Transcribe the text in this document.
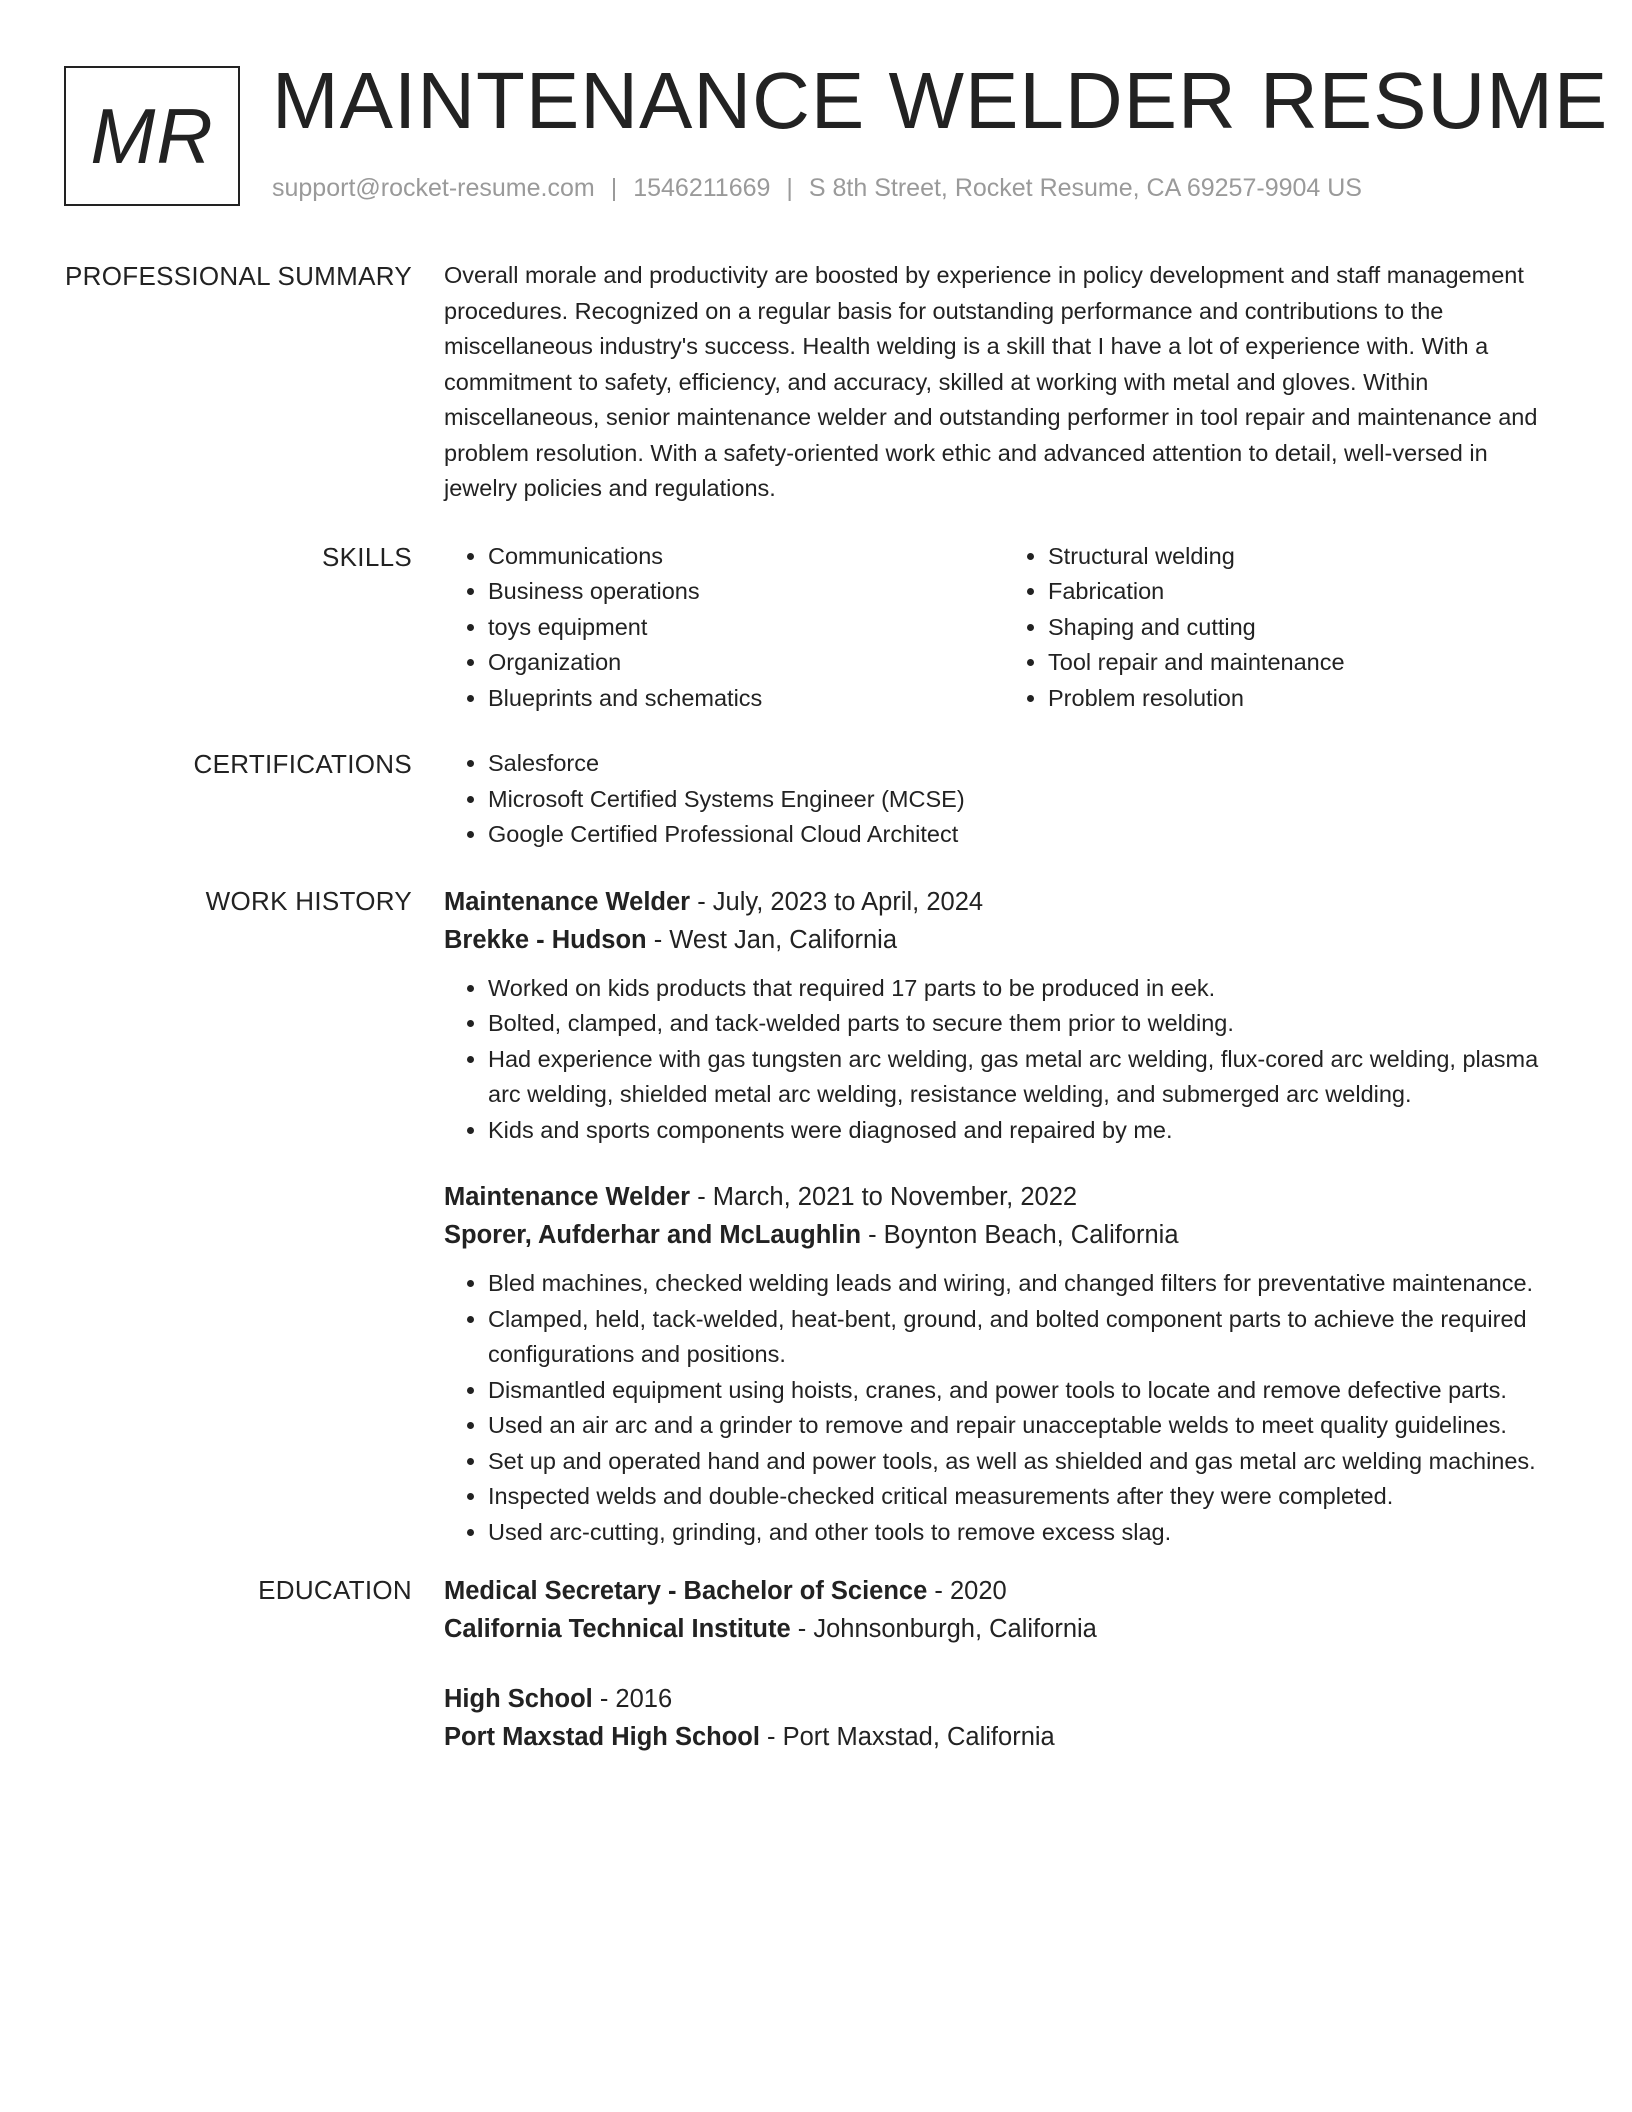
MR MAINTENANCE WELDER RESUME
support@rocket-resume.com | 1546211669 | S 8th Street, Rocket Resume, CA 69257-9904 US
PROFESSIONAL SUMMARY Overall morale and productivity are boosted by experience in policy development and staff management procedures. Recognized on a regular basis for outstanding performance and contributions to the miscellaneous industry's success. Health welding is a skill that I have a lot of experience with. With a commitment to safety, efficiency, and accuracy, skilled at working with metal and gloves. Within miscellaneous, senior maintenance welder and outstanding performer in tool repair and maintenance and problem resolution. With a safety-oriented work ethic and advanced attention to detail, well-versed in jewelry policies and regulations.

SKILLS	• Communications
• Business operations
• toys equipment
• Organization
• Blueprints and schematics
• Structural welding
• Fabrication
• Shaping and cutting
• Tool repair and maintenance
• Problem resolution
CERTIFICATIONS	• Salesforce
• Microsoft Certified Systems Engineer (MCSE)
• Google Certified Professional Cloud Architect
WORK HISTORY Maintenance Welder - July, 2023 to April, 2024
Brekke - Hudson - West Jan, California
• Worked on kids products that required 17 parts to be produced in eek.
• Bolted, clamped, and tack-welded parts to secure them prior to welding.
• Had experience with gas tungsten arc welding, gas metal arc welding, flux-cored arc welding, plasma arc welding, shielded metal arc welding, resistance welding, and submerged arc welding.
• Kids and sports components were diagnosed and repaired by me.
Maintenance Welder - March, 2021 to November, 2022
Sporer, Aufderhar and McLaughlin - Boynton Beach, California
• Bled machines, checked welding leads and wiring, and changed filters for preventative maintenance.
• Clamped, held, tack-welded, heat-bent, ground, and bolted component parts to achieve the required configurations and positions.
• Dismantled equipment using hoists, cranes, and power tools to locate and remove defective parts.
• Used an air arc and a grinder to remove and repair unacceptable welds to meet quality guidelines.
• Set up and operated hand and power tools, as well as shielded and gas metal arc welding machines.
• Inspected welds and double-checked critical measurements after they were completed.
• Used arc-cutting, grinding, and other tools to remove excess slag.
EDUCATION Medical Secretary - Bachelor of Science - 2020
California Technical Institute - Johnsonburgh, California
High School - 2016
Port Maxstad High School - Port Maxstad, California
